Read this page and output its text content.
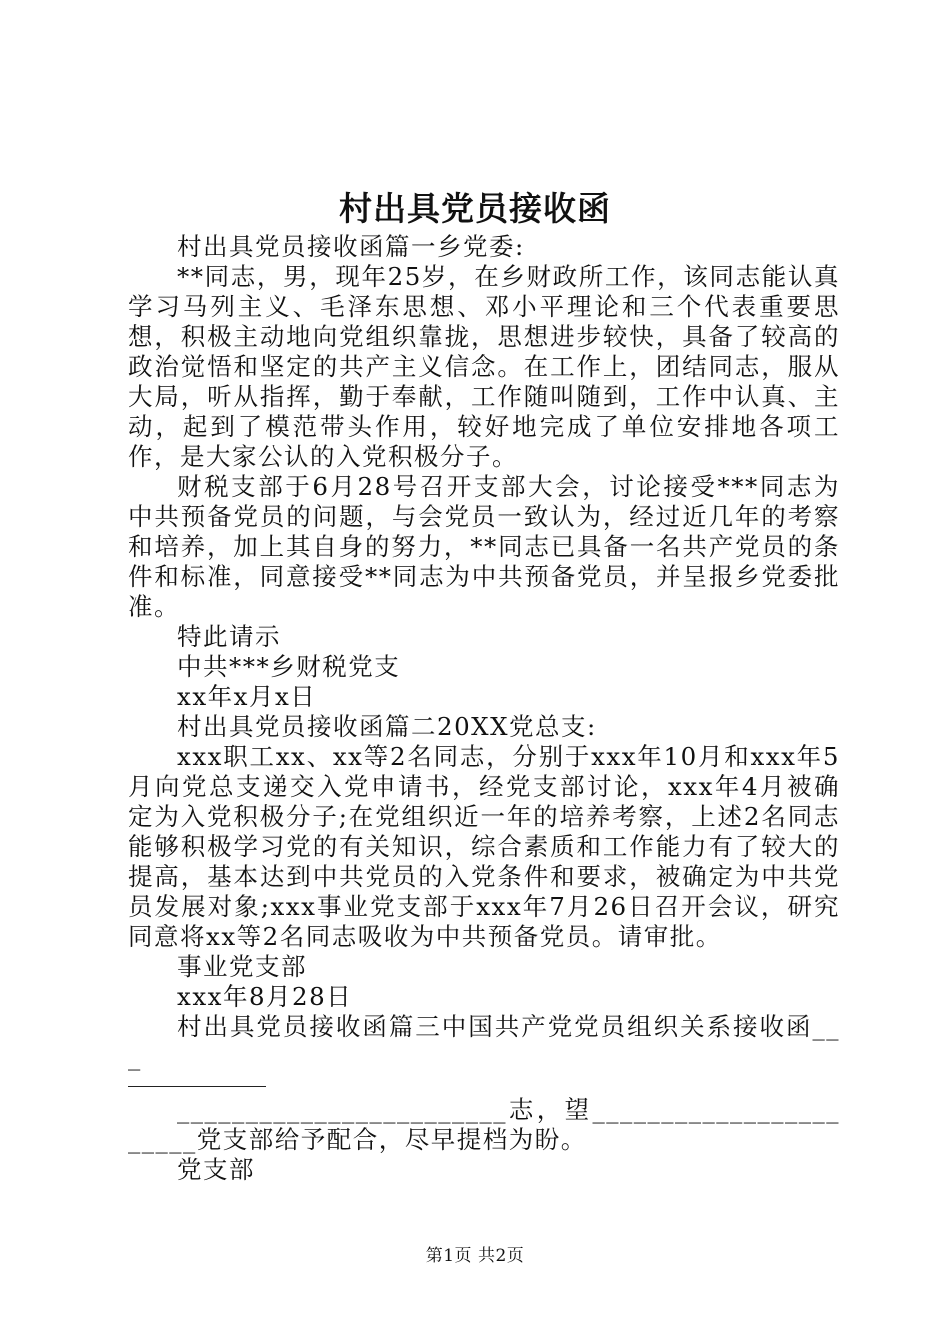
村出具党员接收函

村出具党员接收函篇一乡党委:

**同志，男，现年25岁，在乡财政所工作，该同志能认真学习马列主义、毛泽东思想、邓小平理论和三个代表重要思想，积极主动地向党组织靠拢，思想进步较快，具备了较高的政治觉悟和坚定的共产主义信念。在工作上，团结同志，服从大局，听从指挥，勤于奉献，工作随叫随到，工作中认真、主动，起到了模范带头作用，较好地完成了单位安排地各项工作，是大家公认的入党积极分子。

财税支部于6月28号召开支部大会，讨论接受***同志为中共预备党员的问题，与会党员一致认为，经过近几年的考察和培养，加上其自身的努力，**同志已具备一名共产党员的条件和标准，同意接受**同志为中共预备党员，并呈报乡党委批准。

特此请示

中共***乡财税党支

xx年x月x日

村出具党员接收函篇二20XX党总支:

xxx职工xx、xx等2名同志，分别于xxx年10月和xxx年5月向党总支递交入党申请书，经党支部讨论，xxx年4月被确定为入党积极分子;在党组织近一年的培养考察，上述2名同志能够积极学习党的有关知识，综合素质和工作能力有了较大的提高，基本达到中共党员的入党条件和要求，被确定为中共党员发展对象;xxx事业党支部于xxx年7月26日召开会议，研究同意将xx等2名同志吸收为中共预备党员。请审批。

事业党支部

xxx年8月28日

村出具党员接收函篇三中国共产党党员组织关系接收函___

________________________志，望_______________________党支部给予配合，尽早提档为盼。

党支部

第1页 共2页
